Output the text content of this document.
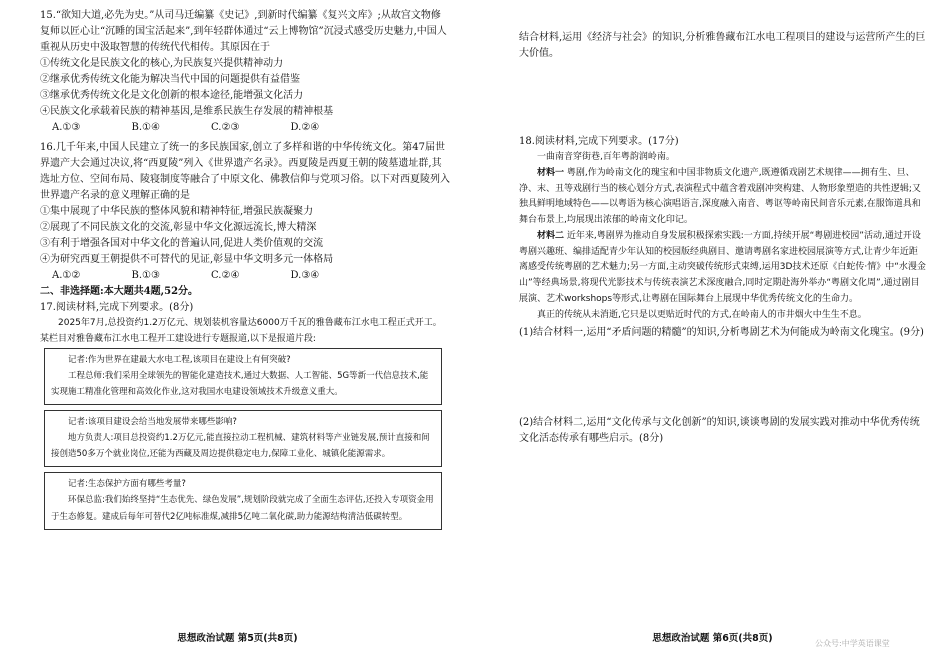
15.“欲知大道,必先为史。”从司马迁编纂《史记》,到新时代编纂《复兴文库》;从故宫文物修复师以匠心让“沉睡的国宝活起来”,到年轻群体通过“云上博物馆”沉浸式感受历史魅力,中国人重视从历史中汲取智慧的传统代代相传。其原因在于

①传统文化是民族文化的核心,为民族复兴提供精神动力

②继承优秀传统文化能为解决当代中国的问题提供有益借鉴

③继承优秀传统文化是文化创新的根本途径,能增强文化活力

④民族文化承载着民族的精神基因,是维系民族生存发展的精神根基

A.①③	B.①④	C.②③	D.②④

16.几千年来,中国人民建立了统一的多民族国家,创立了多样和谐的中华传统文化。第47届世界遗产大会通过决议,将“西夏陵”列入《世界遗产名录》。西夏陵是西夏王朝的陵墓遗址群,其选址方位、空间布局、陵寝制度等融合了中原文化、佛教信仰与党项习俗。以下对西夏陵列入世界遗产名录的意义理解正确的是

①集中展现了中华民族的整体风貌和精神特征,增强民族凝聚力

②展现了不同民族文化的交流,彰显中华文化源远流长,博大精深

③有利于增强各国对中华文化的普遍认同,促进人类价值观的交流

④为研究西夏王朝提供不可替代的见证,彰显中华文明多元一体格局

A.①②	B.①③	C.②④	D.③④

二、非选择题:本大题共4题,52分。

17.阅读材料,完成下列要求。(8分)

2025年7月,总投资约1.2万亿元、规划装机容量达6000万千瓦的雅鲁藏布江水电工程正式开工。某栏目对雅鲁藏布江水电工程开工建设进行专题报道,以下是报道片段:

记者:作为世界在建最大水电工程,该项目在建设上有何突破?

工程总师:我们采用全球领先的智能化建造技术,通过大数据、人工智能、5G等新一代信息技术,能实现施工精准化管理和高效化作业,这对我国水电建设领域技术升级意义重大。

记者:该项目建设会给当地发展带来哪些影响?

地方负责人:项目总投资约1.2万亿元,能直接拉动工程机械、建筑材料等产业链发展,预计直接和间接创造50多万个就业岗位,还能为西藏及周边提供稳定电力,保障工业化、城镇化能源需求。

记者:生态保护方面有哪些考量?

环保总监:我们始终坚持“生态优先、绿色发展”,规划阶段就完成了全面生态评估,还投入专项资金用于生态修复。建成后每年可替代2亿吨标准煤,减排5亿吨二氧化碳,助力能源结构清洁低碳转型。

思想政治试题 第5页(共8页)

结合材料,运用《经济与社会》的知识,分析雅鲁藏布江水电工程项目的建设与运营所产生的巨大价值。

18.阅读材料,完成下列要求。(17分)

一曲南音穿街巷,百年粤韵润岭南。

材料一 粤剧,作为岭南文化的瑰宝和中国非物质文化遗产,既遵循戏剧艺术规律——拥有生、旦、净、末、丑等戏剧行当的核心划分方式,表演程式中蕴含着戏剧冲突构建、人物形象塑造的共性逻辑;又独具鲜明地域特色——以粤语为核心演唱语言,深度融入南音、粤讴等岭南民间音乐元素,在服饰道具和舞台布景上,均展现出浓郁的岭南文化印记。

材料二 近年来,粤剧界为推动自身发展积极探索实践:一方面,持续开展“粤剧进校园”活动,通过开设粤剧兴趣班、编排适配青少年认知的校园版经典剧目、邀请粤剧名家进校园展演等方式,让青少年近距离感受传统粤剧的艺术魅力;另一方面,主动突破传统形式束缚,运用3D技术还原《白蛇传·情》中“水漫金山”等经典场景,将现代光影技术与传统表演艺术深度融合,同时定期赴海外举办“粤剧文化周”,通过剧目展演、艺术workshops等形式,让粤剧在国际舞台上展现中华优秀传统文化的生命力。

真正的传统从未消逝,它只是以更贴近时代的方式,在岭南人的市井烟火中生生不息。

(1)结合材料一,运用“矛盾问题的精髓”的知识,分析粤剧艺术为何能成为岭南文化瑰宝。(9分)

(2)结合材料二,运用“文化传承与文化创新”的知识,谈谈粤剧的发展实践对推动中华优秀传统文化活态传承有哪些启示。(8分)

思想政治试题 第6页(共8页)	公众号:中学英语课堂
